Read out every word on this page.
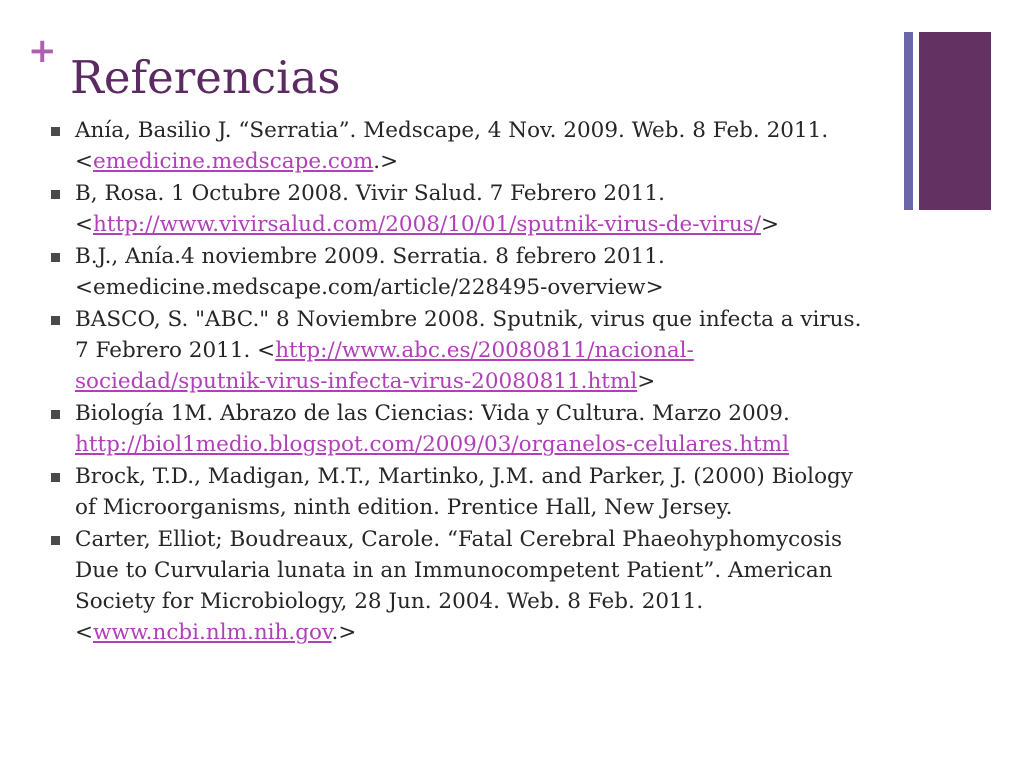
+ Referencias
Anía, Basilio J. “Serratia”. Medscape, 4 Nov. 2009. Web. 8 Feb. 2011. <emedicine.medscape.com.>
B, Rosa. 1 Octubre 2008. Vivir Salud. 7 Febrero 2011. <http://www.vivirsalud.com/2008/10/01/sputnik-virus-de-virus/>
B.J., Anía.4 noviembre 2009. Serratia. 8 febrero 2011. <emedicine.medscape.com/article/228495-overview>
BASCO, S. "ABC." 8 Noviembre 2008. Sputnik, virus que infecta a virus. 7 Febrero 2011. <http://www.abc.es/20080811/nacional-sociedad/sputnik-virus-infecta-virus-20080811.html>
Biología 1M. Abrazo de las Ciencias: Vida y Cultura. Marzo 2009. http://biol1medio.blogspot.com/2009/03/organelos-celulares.html
Brock, T.D., Madigan, M.T., Martinko, J.M. and Parker, J. (2000) Biology of Microorganisms, ninth edition. Prentice Hall, New Jersey.
Carter, Elliot; Boudreaux, Carole. “Fatal Cerebral Phaeohyphomycosis Due to Curvularia lunata in an Immunocompetent Patient”. American Society for Microbiology, 28 Jun. 2004. Web. 8 Feb. 2011. <www.ncbi.nlm.nih.gov.>
